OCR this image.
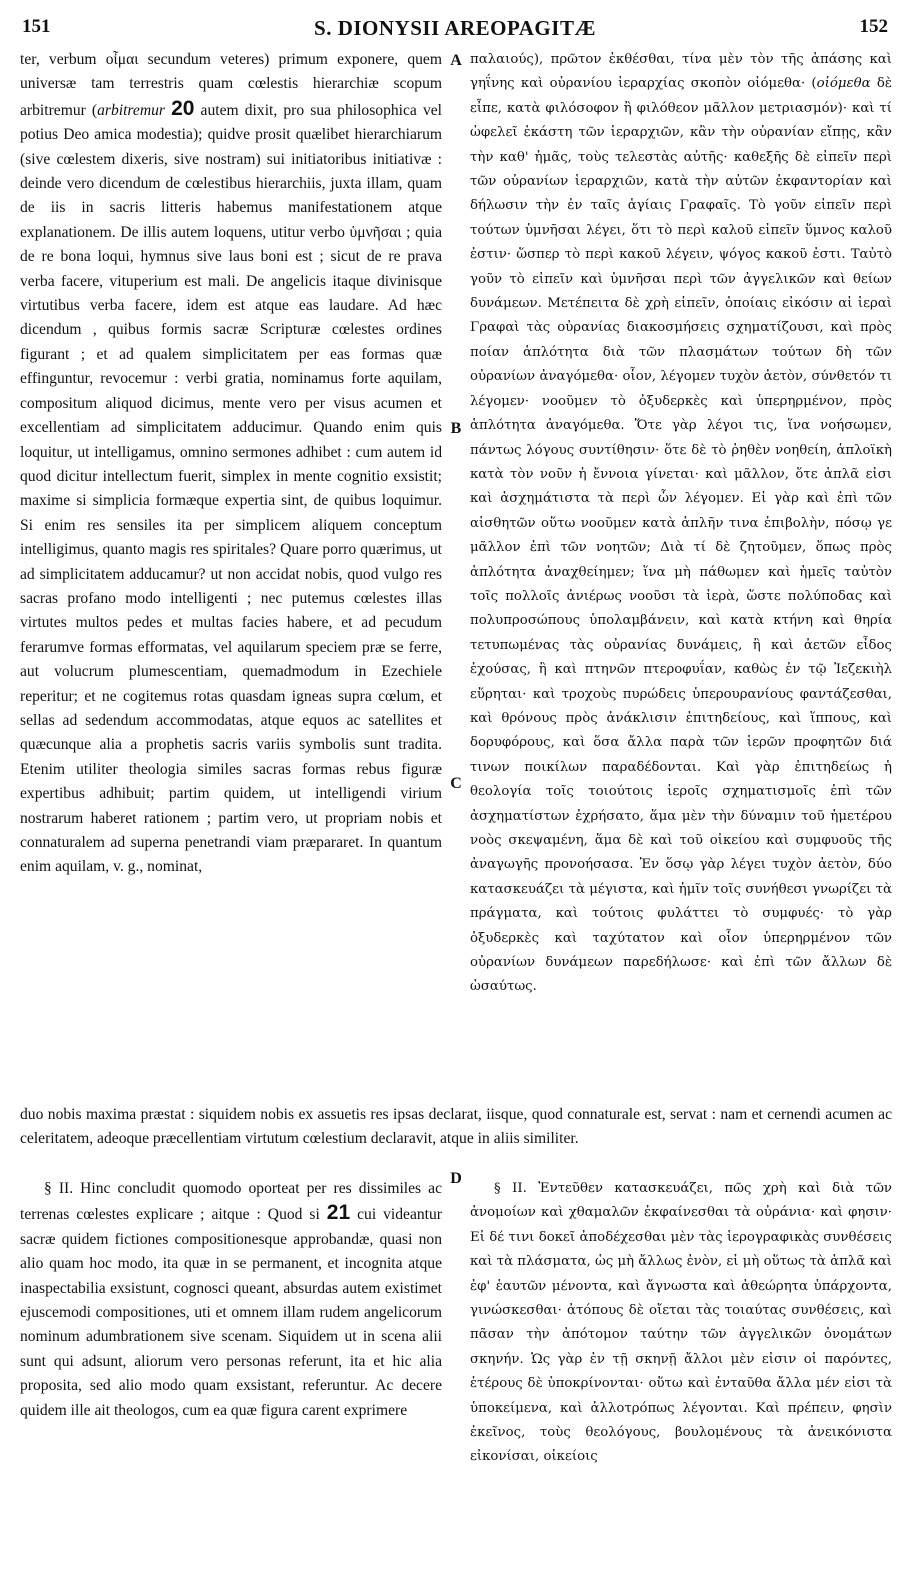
151	S. DIONYSII AREOPAGITÆ	152

ter, verbum οἶμαι secundum veteres) primum exponere, quem universæ tam terrestris quam cœlestis hierarchiæ scopum arbitremur (arbitremur 20 autem dixit, pro sua philosophica vel potius Deo amica modestia); quidve prosit quælibet hierarchiarum (sive cœlestem dixeris, sive nostram) sui initiatoribus initiativæ : deinde vero dicendum de cœlestibus hierarchiis, juxta illam, quam de iis in sacris litteris habemus manifestationem atque explanationem. De illis autem loquens, utitur verbo ὑμνῆσαι ; quia de re bona loqui, hymnus sive laus boni est ; sicut de re prava verba facere, vituperium est mali. De angelicis itaque divinisque virtutibus verba facere, idem est atque eas laudare. Ad hæc dicendum , quibus formis sacræ Scripturæ cœlestes ordines figurant ; et ad qualem simplicitatem per eas formas quæ effinguntur, revocemur : verbi gratia, nominamus forte aquilam, compositum aliquod dicimus, mente vero per visus acumen et excellentiam ad simplicitatem adducimur. Quando enim quis loquitur, ut intelligamus, omnino sermones adhibet : cum autem id quod dicitur intellectum fuerit, simplex in mente cognitio exsistit; maxime si simplicia formæque expertia sint, de quibus loquimur. Si enim res sensiles ita per simplicem aliquem conceptum intelligimus, quanto magis res spiritales? Quare porro quærimus, ut ad simplicitatem adducamur? ut non accidat nobis, quod vulgo res sacras profano modo intelligenti ; nec putemus cœlestes illas virtutes multos pedes et multas facies habere, et ad pecudum ferarumve formas efformatas, vel aquilarum speciem præ se ferre, aut volucrum plumescentiam, quemadmodum in Ezechiele reperitur; et ne cogitemus rotas quasdam igneas supra cœlum, et sellas ad sedendum accommodatas, atque equos ac satellites et quæcunque alia a prophetis sacris variis symbolis sunt tradita. Etenim utiliter theologia similes sacras formas rebus figuræ expertibus adhibuit; partim quidem, ut intelligendi virium nostrarum haberet rationem ; partim vero, ut propriam nobis et connaturalem ad superna penetrandi viam præpararet. In quantum enim aquilam, v. g., nominat,

παλαιούς), πρῶτον ἐκθέσθαι, τίνα μὲν τὸν τῆς ἁπάσης καὶ γηΐνης καὶ οὐρανίου ἱεραρχίας σκοπὸν οἰόμεθα· (οἰόμεθα δὲ εἶπε, κατὰ φιλόσοφον ἢ φιλόθεον μᾶλλον μετριασμόν)· καὶ τί ὠφελεῖ ἑκάστη τῶν ἱεραρχιῶν, κἂν τὴν οὐρανίαν εἴπῃς, κἂν τὴν καθ' ἡμᾶς, τοὺς τελεστὰς αὐτῆς· καθεξῆς δὲ εἰπεῖν περὶ τῶν οὐρανίων ἱεραρχιῶν, κατὰ τὴν αὐτῶν ἐκφαντορίαν καὶ δήλωσιν τὴν ἐν ταῖς ἁγίαις Γραφαῖς. Τὸ γοῦν εἰπεῖν περὶ τούτων ὑμνῆσαι λέγει, ὅτι τὸ περὶ καλοῦ εἰπεῖν ὕμνος καλοῦ ἐστιν· ὥσπερ τὸ περὶ κακοῦ λέγειν, ψόγος κακοῦ ἐστι. Ταὐτὸ γοῦν τὸ εἰπεῖν καὶ ὑμνῆσαι περὶ τῶν ἀγγελικῶν καὶ θείων δυνάμεων. Μετέπειτα δὲ χρὴ εἰπεῖν, ὁποίαις εἰκόσιν αἱ ἱεραὶ Γραφαὶ τὰς οὐρανίας διακοσμήσεις σχηματίζουσι, καὶ πρὸς ποίαν ἁπλότητα διὰ τῶν πλασμάτων τούτων δὴ τῶν οὐρανίων ἀναγόμεθα· οἷον, λέγομεν τυχὸν ἀετὸν, σύνθετόν τι λέγομεν· νοοῦμεν τὸ ὀξυδερκὲς καὶ ὑπερηρμένον, πρὸς ἁπλότητα ἀναγόμεθα. Ὅτε γὰρ λέγοι τις, ἵνα νοήσωμεν, πάντως λόγους συντίθησιν· ὅτε δὲ τὸ ῥηθὲν νοηθείη, ἁπλοϊκὴ κατὰ τὸν νοῦν ἡ ἔννοια γίνεται· καὶ μᾶλλον, ὅτε ἁπλᾶ εἰσι καὶ ἀσχημάτιστα τὰ περὶ ὧν λέγομεν. Εἰ γὰρ καὶ ἐπὶ τῶν αἰσθητῶν οὕτω νοοῦμεν κατὰ ἁπλῆν τινα ἐπιβολὴν, πόσῳ γε μᾶλλον ἐπὶ τῶν νοητῶν; Διὰ τί δὲ ζητοῦμεν, ὅπως πρὸς ἁπλότητα ἀναχθείημεν; ἵνα μὴ πάθωμεν καὶ ἡμεῖς ταὐτὸν τοῖς πολλοῖς ἀνιέρως νοοῦσι τὰ ἱερὰ, ὥστε πολύποδας καὶ πολυπροσώπους ὑπολαμβάνειν, καὶ κατὰ κτήνη καὶ θηρία τετυπωμένας τὰς οὐρανίας δυνάμεις, ἢ καὶ ἀετῶν εἶδος ἐχούσας, ἢ καὶ πτηνῶν πτεροφυΐαν, καθὼς ἐν τῷ Ἰεζεκιὴλ εὕρηται· καὶ τροχοὺς πυρώδεις ὑπερουρανίους φαντάζεσθαι, καὶ θρόνους πρὸς ἀνάκλισιν ἐπιτηδείους, καὶ ἵππους, καὶ δορυφόρους, καὶ ὅσα ἄλλα παρὰ τῶν ἱερῶν προφητῶν διά τινων ποικίλων παραδέδονται. Καὶ γὰρ ἐπιτηδείως ἡ θεολογία τοῖς τοιούτοις ἱεροῖς σχηματισμοῖς ἐπὶ τῶν ἀσχηματίστων ἐχρήσατο, ἅμα μὲν τὴν δύναμιν τοῦ ἡμετέρου νοὸς σκεψαμένη, ἅμα δὲ καὶ τοῦ οἰκείου καὶ συμφυοῦς τῆς ἀναγωγῆς προνοήσασα. Ἐν ὅσῳ γὰρ λέγει τυχὸν ἀετὸν, δύο κατασκευάζει τὰ μέγιστα, καὶ ἡμῖν τοῖς συνήθεσι γνωρίζει τὰ πράγματα, καὶ τούτοις φυλάττει τὸ συμφυές· τὸ γὰρ ὀξυδερκὲς καὶ ταχύτατον καὶ οἷον ὑπερηρμένον τῶν οὐρανίων δυνάμεων παρεδήλωσε· καὶ ἐπὶ τῶν ἄλλων δὲ ὡσαύτως.

A
B
C
D
duo nobis maxima præstat : siquidem nobis ex assuetis res ipsas declarat, iisque, quod connaturale est, servat : nam et cernendi acumen ac celeritatem, adeoque præcellentiam virtutum cœlestium declaravit, atque in aliis similiter.

§ II. Hinc concludit quomodo oporteat per res dissimiles ac terrenas cœlestes explicare ; aitque : Quod si 21 cui videantur sacræ quidem fictiones compositionesque approbandæ, quasi non alio quam hoc modo, ita quæ in se permanent, et incognita atque inaspectabilia exsistunt, cognosci queant, absurdas autem existimet ejuscemodi compositiones, uti et omnem illam rudem angelicorum nominum adumbrationem sive scenam. Siquidem ut in scena alii sunt qui adsunt, aliorum vero personas referunt, ita et hic alia proposita, sed alio modo quam exsistant, referuntur. Ac decere quidem ille ait theologos, cum ea quæ figura carent exprimere

§ II. Ἐντεῦθεν κατασκευάζει, πῶς χρὴ καὶ διὰ τῶν ἀνομοίων καὶ χθαμαλῶν ἐκφαίνεσθαι τὰ οὐράνια· καὶ φησιν· Εἰ δέ τινι δοκεῖ ἀποδέχεσθαι μὲν τὰς ἱερογραφικὰς συνθέσεις καὶ τὰ πλάσματα, ὡς μὴ ἄλλως ἐνὸν, εἰ μὴ οὕτως τὰ ἁπλᾶ καὶ ἐφ' ἑαυτῶν μένοντα, καὶ ἄγνωστα καὶ ἀθεώρητα ὑπάρχοντα, γινώσκεσθαι· ἀτόπους δὲ οἴεται τὰς τοιαύτας συνθέσεις, καὶ πᾶσαν τὴν ἀπότομον ταύτην τῶν ἀγγελικῶν ὀνομάτων σκηνήν. Ὡς γὰρ ἐν τῇ σκηνῇ ἄλλοι μὲν εἰσιν οἱ παρόντες, ἑτέρους δὲ ὑποκρίνονται· οὕτω καὶ ἐνταῦθα ἄλλα μέν εἰσι τὰ ὑποκείμενα, καὶ ἀλλοτρόπως λέγονται. Καὶ πρέπειν, φησὶν ἐκεῖνος, τοὺς θεολόγους, βουλομένους τὰ ἀνεικόνιστα εἰκονίσαι, οἰκείοις
